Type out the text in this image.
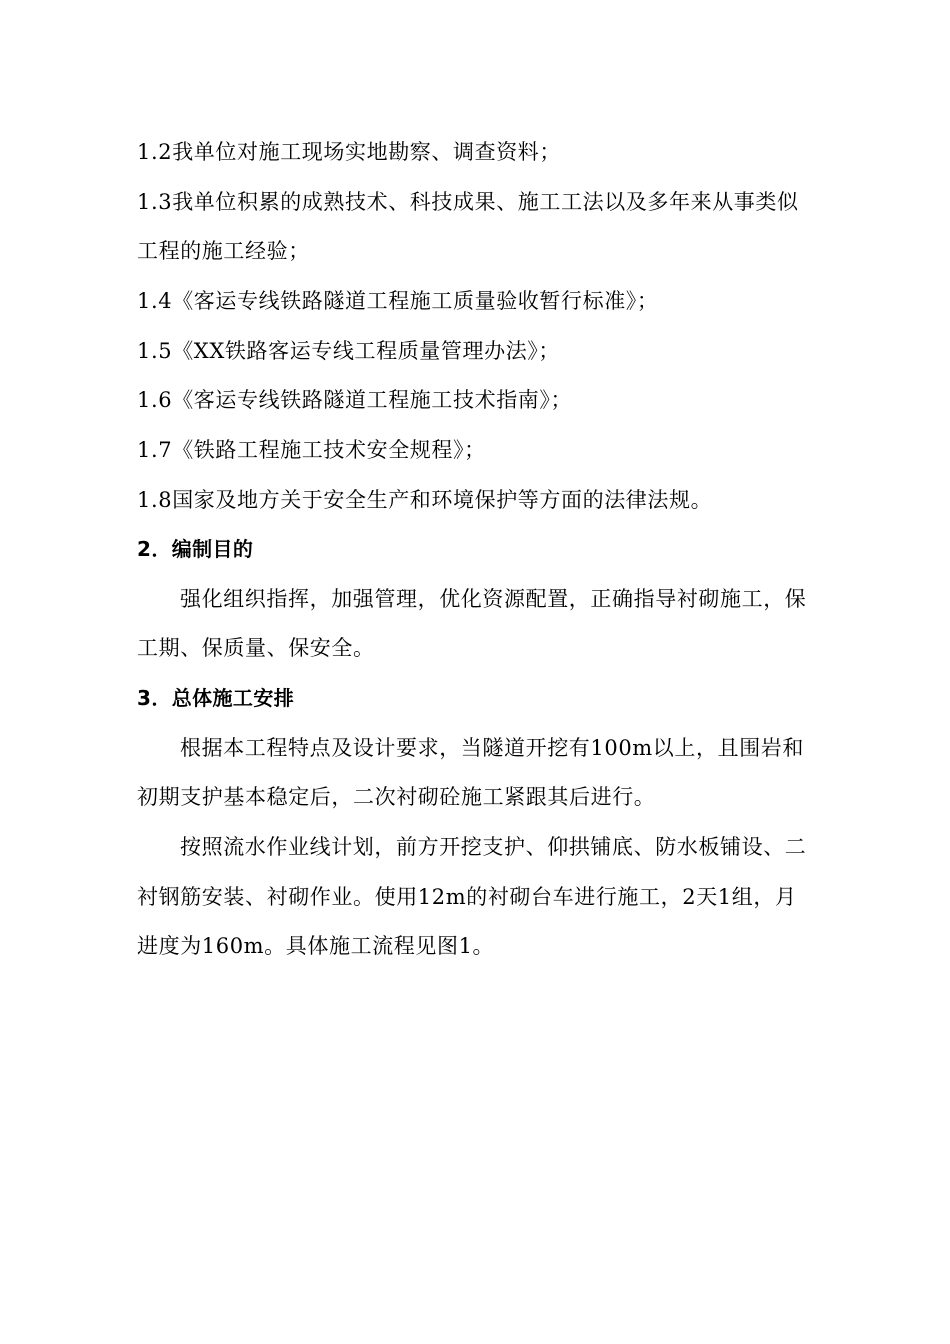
1.2我单位对施工现场实地勘察、调查资料；
1.3我单位积累的成熟技术、科技成果、施工工法以及多年来从事类似
工程的施工经验；
1.4《客运专线铁路隧道工程施工质量验收暂行标准》；
1.5《XX铁路客运专线工程质量管理办法》；
1.6《客运专线铁路隧道工程施工技术指南》；
1.7《铁路工程施工技术安全规程》；
1.8国家及地方关于安全生产和环境保护等方面的法律法规。
2．编制目的
强化组织指挥，加强管理，优化资源配置，正确指导衬砌施工，保
工期、保质量、保安全。
3．总体施工安排
根据本工程特点及设计要求，当隧道开挖有100m以上，且围岩和
初期支护基本稳定后，二次衬砌砼施工紧跟其后进行。
按照流水作业线计划，前方开挖支护、仰拱铺底、防水板铺设、二
衬钢筋安装、衬砌作业。使用12m的衬砌台车进行施工，2天1组，月
进度为160m。具体施工流程见图1。
